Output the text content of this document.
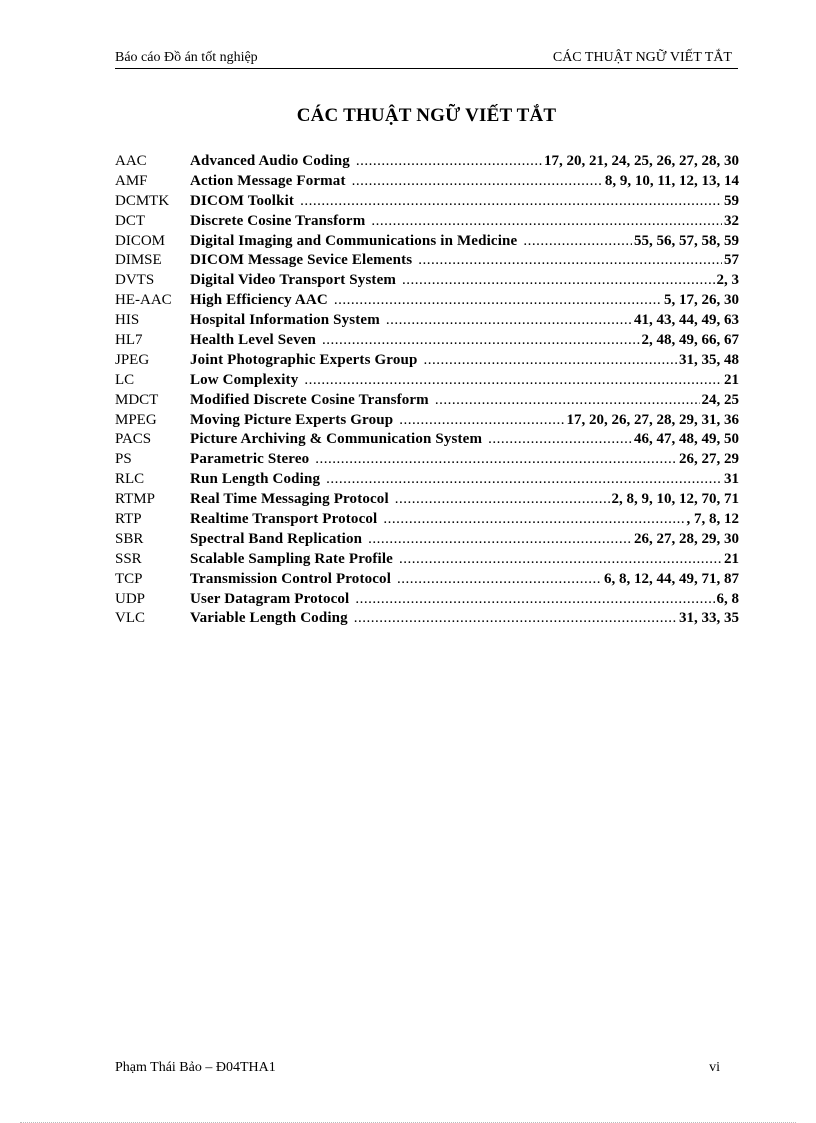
Báo cáo Đồ án tốt nghiệp	CÁC THUẬT NGỮ VIẾT TẮT
CÁC THUẬT NGỮ VIẾT TẮT
AAC	Advanced Audio Coding .....	17, 20, 21, 24, 25, 26, 27, 28, 30
AMF	Action Message Format .....	8, 9, 10, 11, 12, 13, 14
DCMTK DICOM Toolkit .....	59
DCT	Discrete Cosine Transform .....	32
DICOM Digital Imaging and Communications in Medicine .....	55, 56, 57, 58, 59
DIMSE DICOM Message Sevice Elements .....	57
DVTS Digital Video Transport System .....	2, 3
HE-AAC High Efficiency AAC .....	5, 17, 26, 30
HIS	Hospital Information System .....	41, 43, 44, 49, 63
HL7	Health Level Seven .....	2, 48, 49, 66, 67
JPEG	Joint Photographic Experts Group .....	31, 35, 48
LC	Low Complexity .....	21
MDCT Modified Discrete Cosine Transform .....	24, 25
MPEG Moving Picture Experts Group .....	17, 20, 26, 27, 28, 29, 31, 36
PACS	Picture Archiving & Communication System .....	46, 47, 48, 49, 50
PS	Parametric Stereo .....	26, 27, 29
RLC	Run Length Coding .....	31
RTMP Real Time Messaging Protocol .....	2, 8, 9, 10, 12, 70, 71
RTP	Realtime Transport Protocol .....	, 7, 8, 12
SBR	Spectral Band Replication .....	26, 27, 28, 29, 30
SSR	Scalable Sampling Rate Profile .....	21
TCP	Transmission Control Protocol .....	6, 8, 12, 44, 49, 71, 87
UDP	User Datagram Protocol .....	6, 8
VLC	Variable Length Coding .....	31, 33, 35
Phạm Thái Bảo – Đ04THA1	vi
